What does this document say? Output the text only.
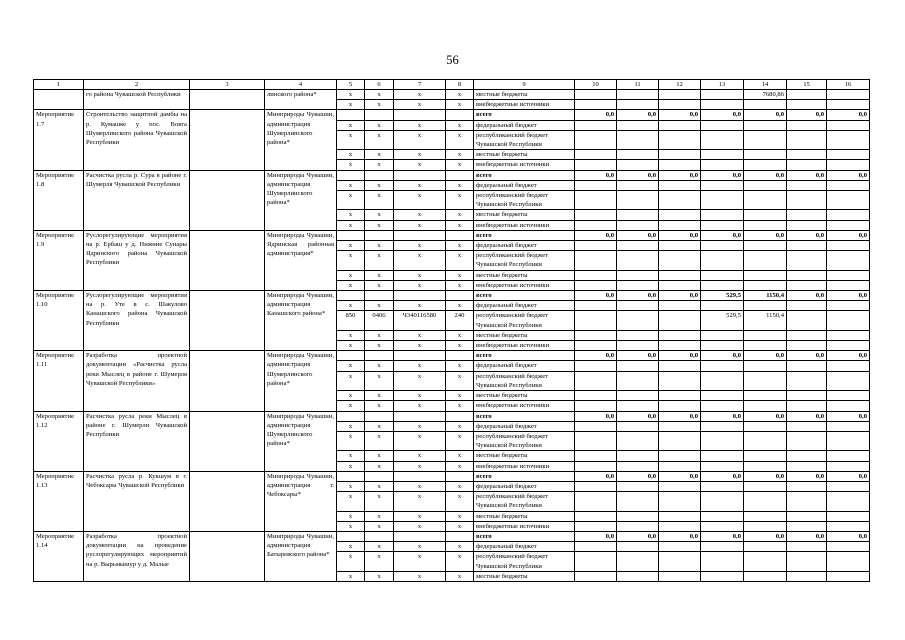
56
1	2	3	4	5	6	7	8	9	10	11	12	13	14	15	16
	го района Чувашской Республики		линского района*	x	x	x	x	местные бюджеты					7680,86		
				x	x	x	x	внебюджетные источники							
Мероприятие 1.7	Строительство защитной дамбы на р. Кумашке у пос. Вовга Шумерлинского района Чувашской Республики		Минприроды Чувашии, администрация Шумерлинского района*					всего	0,0	0,0	0,0	0,0	0,0	0,0	0,0
				x	x	x	x	федеральный бюджет							
				x	x	x	x	республиканский бюджет Чувашской Республики							
				x	x	x	x	местные бюджеты							
				x	x	x	x	внебюджетные источники							
Мероприятие 1.8	Расчистка русла р. Сура в районе г. Шумерля Чувашской Республики		Минприроды Чувашии, администрация Шумерлинского района*					всего	0,0	0,0	0,0	0,0	0,0	0,0	0,0
				x	x	x	x	федеральный бюджет							
				x	x	x	x	республиканский бюджет Чувашской Республики							
				x	x	x	x	местные бюджеты							
				x	x	x	x	внебюджетные источники							
Мероприятие 1.9	Руслорегулирующие мероприятия на р. Ербаш у д. Нижние Сунары Ядринского района Чувашской Республики		Минприроды Чувашии, Ядринская районная администрация*					всего	0,0	0,0	0,0	0,0	0,0	0,0	0,0
				x	x	x	x	федеральный бюджет							
				x	x	x	x	республиканский бюджет Чувашской Республики							
				x	x	x	x	местные бюджеты							
				x	x	x	x	внебюджетные источники							
Мероприятие 1.10	Руслорегулирующие мероприятия на р. Уте в с. Шакулово Канашского района Чувашской Республики		Минприроды Чувашии, администрация Канашского района*					всего	0,0	0,0	0,0	529,5	1150,4	0,0	0,0
				x	x	x	x	федеральный бюджет							
				850	0406	Ч340116580	240	республиканский бюджет Чувашской Республики				529,5	1150,4		
				x	x	x	x	местные бюджеты							
				x	x	x	x	внебюджетные источники							
Мероприятие 1.11	Разработка проектной документации «Расчистка русла реки Мыслец в районе г. Шумерля Чувашской Республики»		Минприроды Чувашии, администрация Шумерлинского района*					всего	0,0	0,0	0,0	0,0	0,0	0,0	0,0
				x	x	x	x	федеральный бюджет							
				x	x	x	x	республиканский бюджет Чувашской Республики							
				x	x	x	x	местные бюджеты							
				x	x	x	x	внебюджетные источники							
Мероприятие 1.12	Расчистка русла реки Мыслец в районе г. Шумерли Чувашской Республики		Минприроды Чувашии, администрация Шумерлинского района*					всего	0,0	0,0	0,0	0,0	0,0	0,0	0,0
				x	x	x	x	федеральный бюджет							
				x	x	x	x	республиканский бюджет Чувашской Республики							
				x	x	x	x	местные бюджеты							
				x	x	x	x	внебюджетные источники							
Мероприятие 1.13	Расчистка русла р. Кукшум в г. Чебоксары Чувашской Республики		Минприроды Чувашии, администрация г. Чебоксары*					всего	0,0	0,0	0,0	0,0	0,0	0,0	0,0
				x	x	x	x	федеральный бюджет							
				x	x	x	x	республиканский бюджет Чувашской Республики							
				x	x	x	x	местные бюджеты							
				x	x	x	x	внебюджетные источники							
Мероприятие 1.14	Разработка проектной документации на проведение руслорегулирующих мероприятий на р. Вырьмышур у д. Малые		Минприроды Чувашии, администрация Батыревского района*					всего	0,0	0,0	0,0	0,0	0,0	0,0	0,0
				x	x	x	x	федеральный бюджет							
				x	x	x	x	республиканский бюджет Чувашской Республики							
				x	x	x	x	местные бюджеты							
